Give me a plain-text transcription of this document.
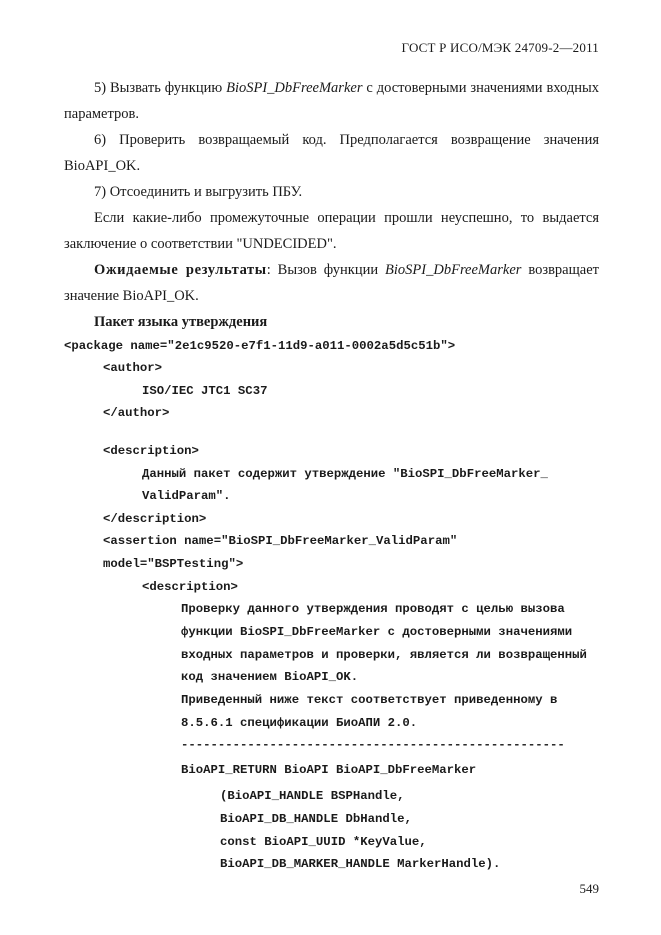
ГОСТ Р ИСО/МЭК 24709-2—2011

5) Вызвать функцию BioSPI_DbFreeMarker с достоверными значениями входных параметров.

6) Проверить возвращаемый код. Предполагается возвращение значения BioAPI_OK.

7) Отсоединить и выгрузить ПБУ.

Если какие-либо промежуточные операции прошли неуспешно, то выдается заключение о соответствии "UNDECIDED".

Ожидаемые результаты: Вызов функции BioSPI_DbFreeMarker возвращает значение BioAPI_OK.

Пакет языка утверждения

<package name="2e1c9520-e7f1-11d9-a011-0002a5d5c51b">
<author>
ISO/IEC JTC1 SC37
</author>
<description>
Данный пакет содержит утверждение "BioSPI_DbFreeMarker_
ValidParam".
</description>
<assertion name="BioSPI_DbFreeMarker_ValidParam"
model="BSPTesting">
<description>
Проверку данного утверждения проводят с целью вызова
функции BioSPI_DbFreeMarker с достоверными значениями
входных параметров и проверки, является ли возвращенный
код значением BioAPI_OK.
Приведенный ниже текст соответствует приведенному в
8.5.6.1 спецификации БиоАПИ 2.0.
----------------------------------------------------
BioAPI_RETURN BioAPI BioAPI_DbFreeMarker
(BioAPI_HANDLE BSPHandle,
BioAPI_DB_HANDLE DbHandle,
const BioAPI_UUID *KeyValue,
BioAPI_DB_MARKER_HANDLE MarkerHandle).
549
